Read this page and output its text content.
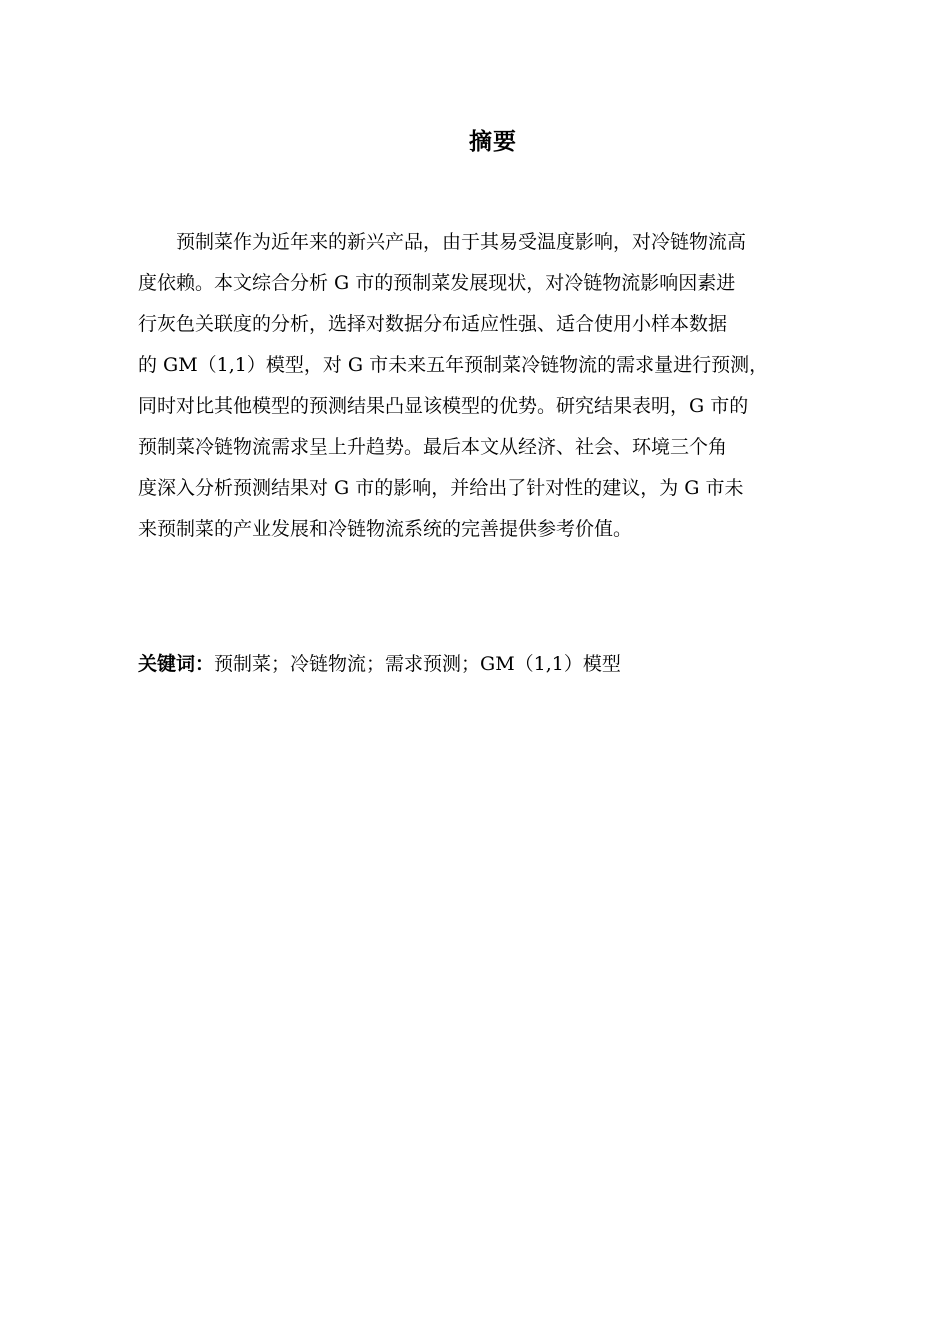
摘要

预制菜作为近年来的新兴产品，由于其易受温度影响，对冷链物流高
度依赖。本文综合分析 G 市的预制菜发展现状，对冷链物流影响因素进
行灰色关联度的分析，选择对数据分布适应性强、适合使用小样本数据
的 GM（1,1）模型，对 G 市未来五年预制菜冷链物流的需求量进行预测，
同时对比其他模型的预测结果凸显该模型的优势。研究结果表明，G 市的
预制菜冷链物流需求呈上升趋势。最后本文从经济、社会、环境三个角
度深入分析预测结果对 G 市的影响，并给出了针对性的建议，为 G 市未
来预制菜的产业发展和冷链物流系统的完善提供参考价值。

关键词：预制菜；冷链物流；需求预测；GM（1,1）模型
